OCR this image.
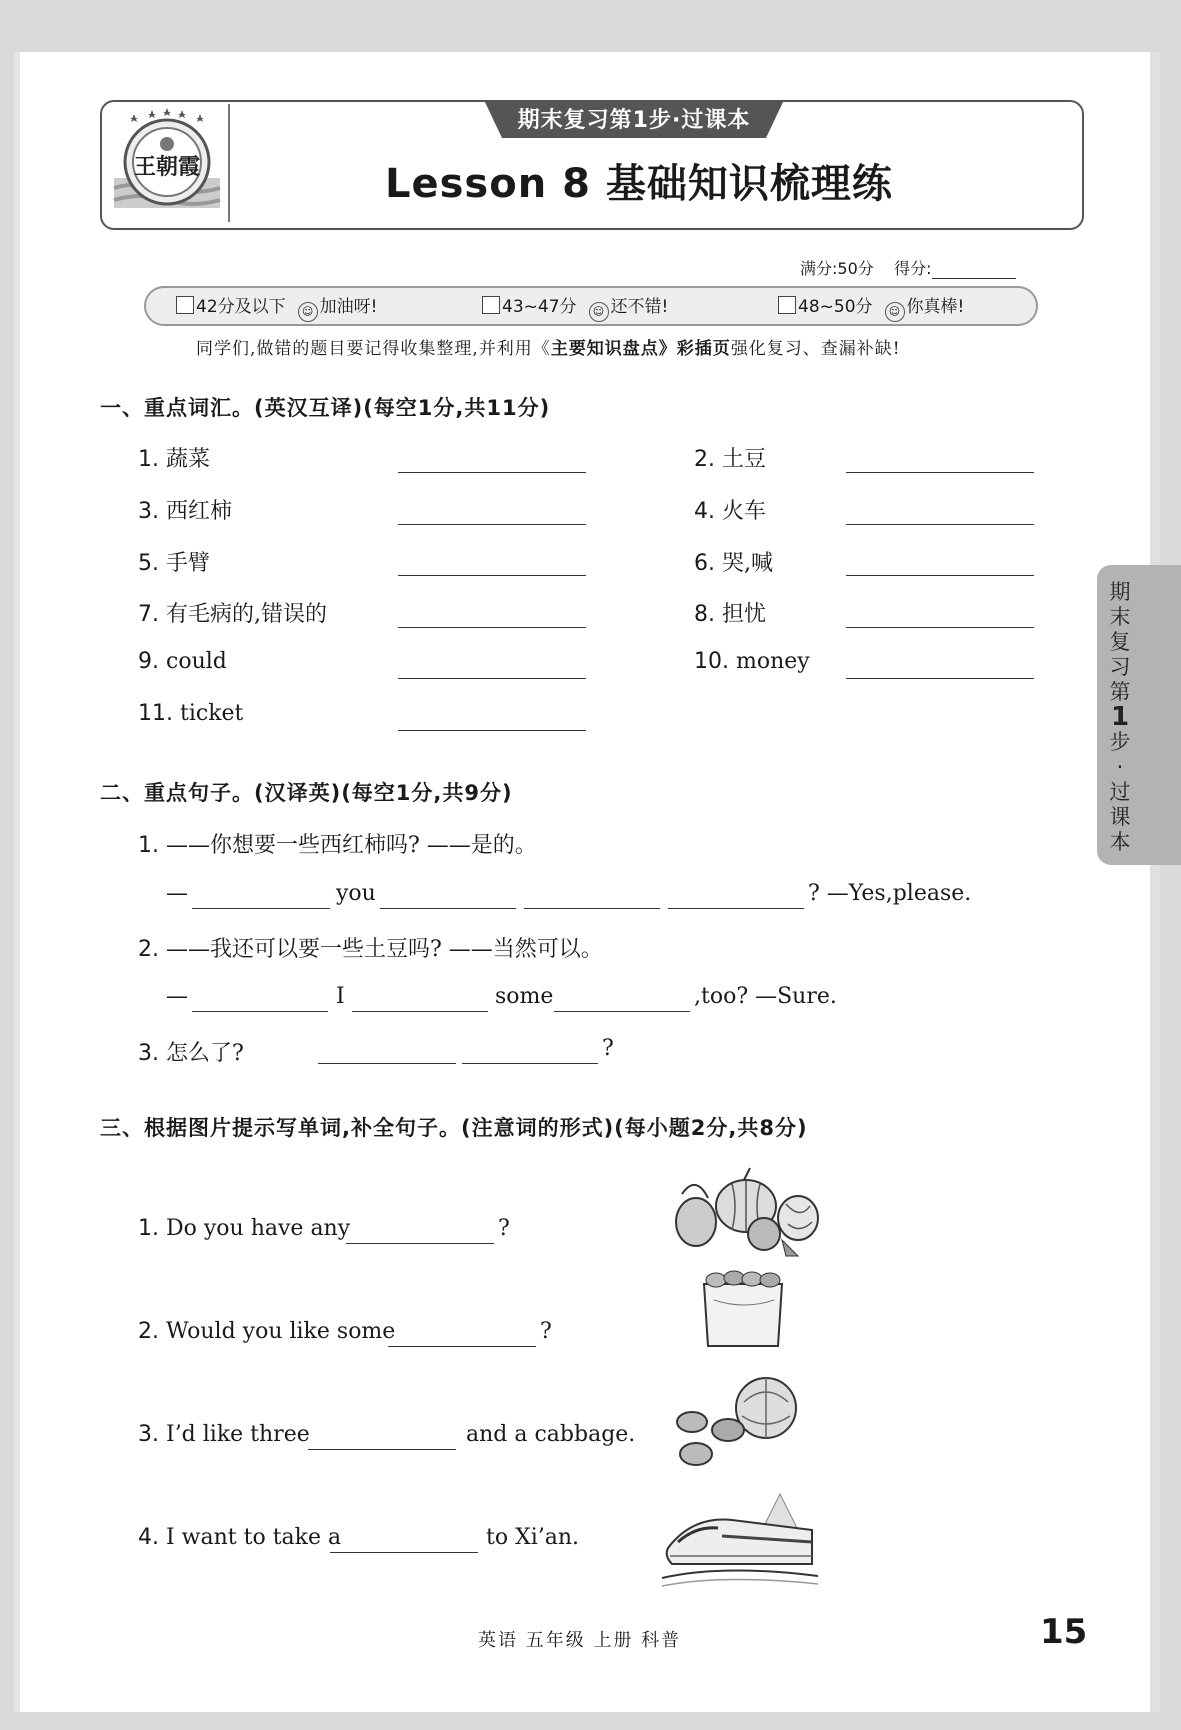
王朝霞
期末复习第1步·过课本
Lesson 8 基础知识梳理练
满分:50分 得分:
42分及以下 ☺ 加油呀!	43~47分 ☺ 还不错!	48~50分 ☺ 你真棒!
同学们,做错的题目要记得收集整理,并利用《主要知识盘点》彩插页强化复习、查漏补缺!
一、重点词汇。(英汉互译)(每空1分,共11分)
1. 蔬菜	2. 土豆
3. 西红柿	4. 火车
5. 手臂	6. 哭,喊
7. 有毛病的,错误的	8. 担忧
9. could	10. money
11. ticket
二、重点句子。(汉译英)(每空1分,共9分)
1. ——你想要一些西红柿吗? ——是的。
—	you	? —Yes,please.
2. ——我还可以要一些土豆吗? ——当然可以。
—	I	some	,too? —Sure.
3. 怎么了?	?
三、根据图片提示写单词,补全句子。(注意词的形式)(每小题2分,共8分)
1. Do you have any	?
2. Would you like some	?
3. I’d like three	and a cabbage.
4. I want to take a	to Xi’an.
期
末
复
习
第
1
步
·
过
课
本
英语 五年级 上册 科普	15
